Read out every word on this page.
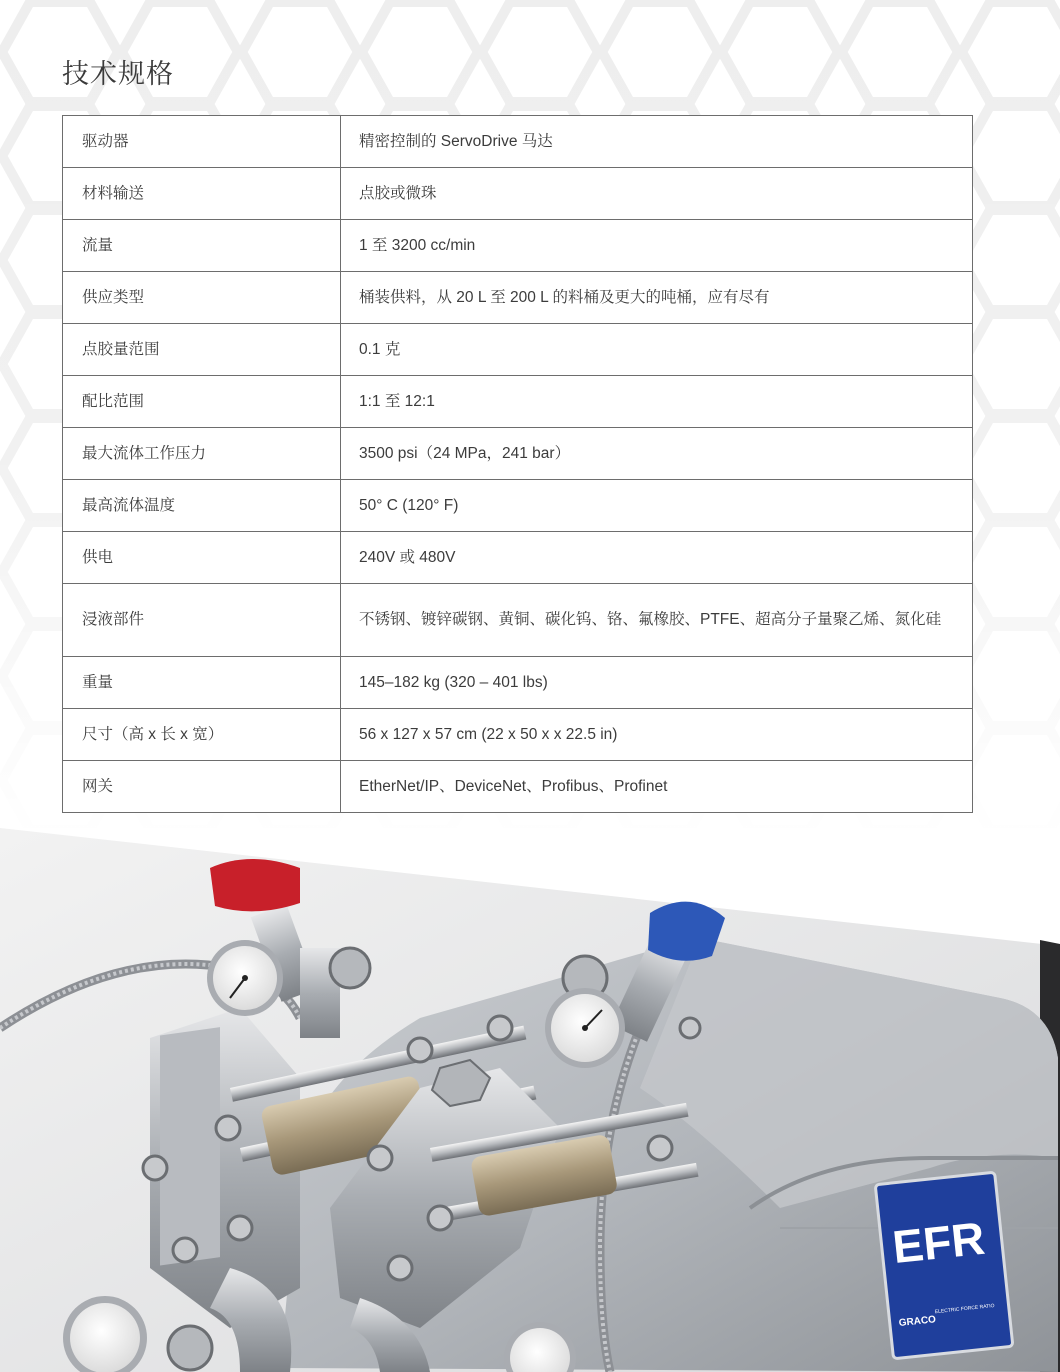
技术规格
驱动器	精密控制的 ServoDrive 马达
材料输送	点胶或微珠
流量	1 至 3200 cc/min
供应类型	桶装供料，从 20 L 至 200 L 的料桶及更大的吨桶，应有尽有
点胶量范围	0.1 克
配比范围	1:1 至 12:1
最大流体工作压力	3500 psi（24 MPa，241 bar）
最高流体温度	50° C (120° F)
供电	240V 或 480V
浸液部件	不锈钢、镀锌碳钢、黄铜、碳化钨、铬、氟橡胶、PTFE、超高分子量聚乙烯、氮化硅
重量	145–182 kg (320 – 401 lbs)
尺寸（高 x 长 x 宽）	56 x 127 x 57 cm (22 x 50 x x 22.5 in)
网关	EtherNet/IP、DeviceNet、Profibus、Profinet
EFR
GRACO
ELECTRIC FORCE RATIO
